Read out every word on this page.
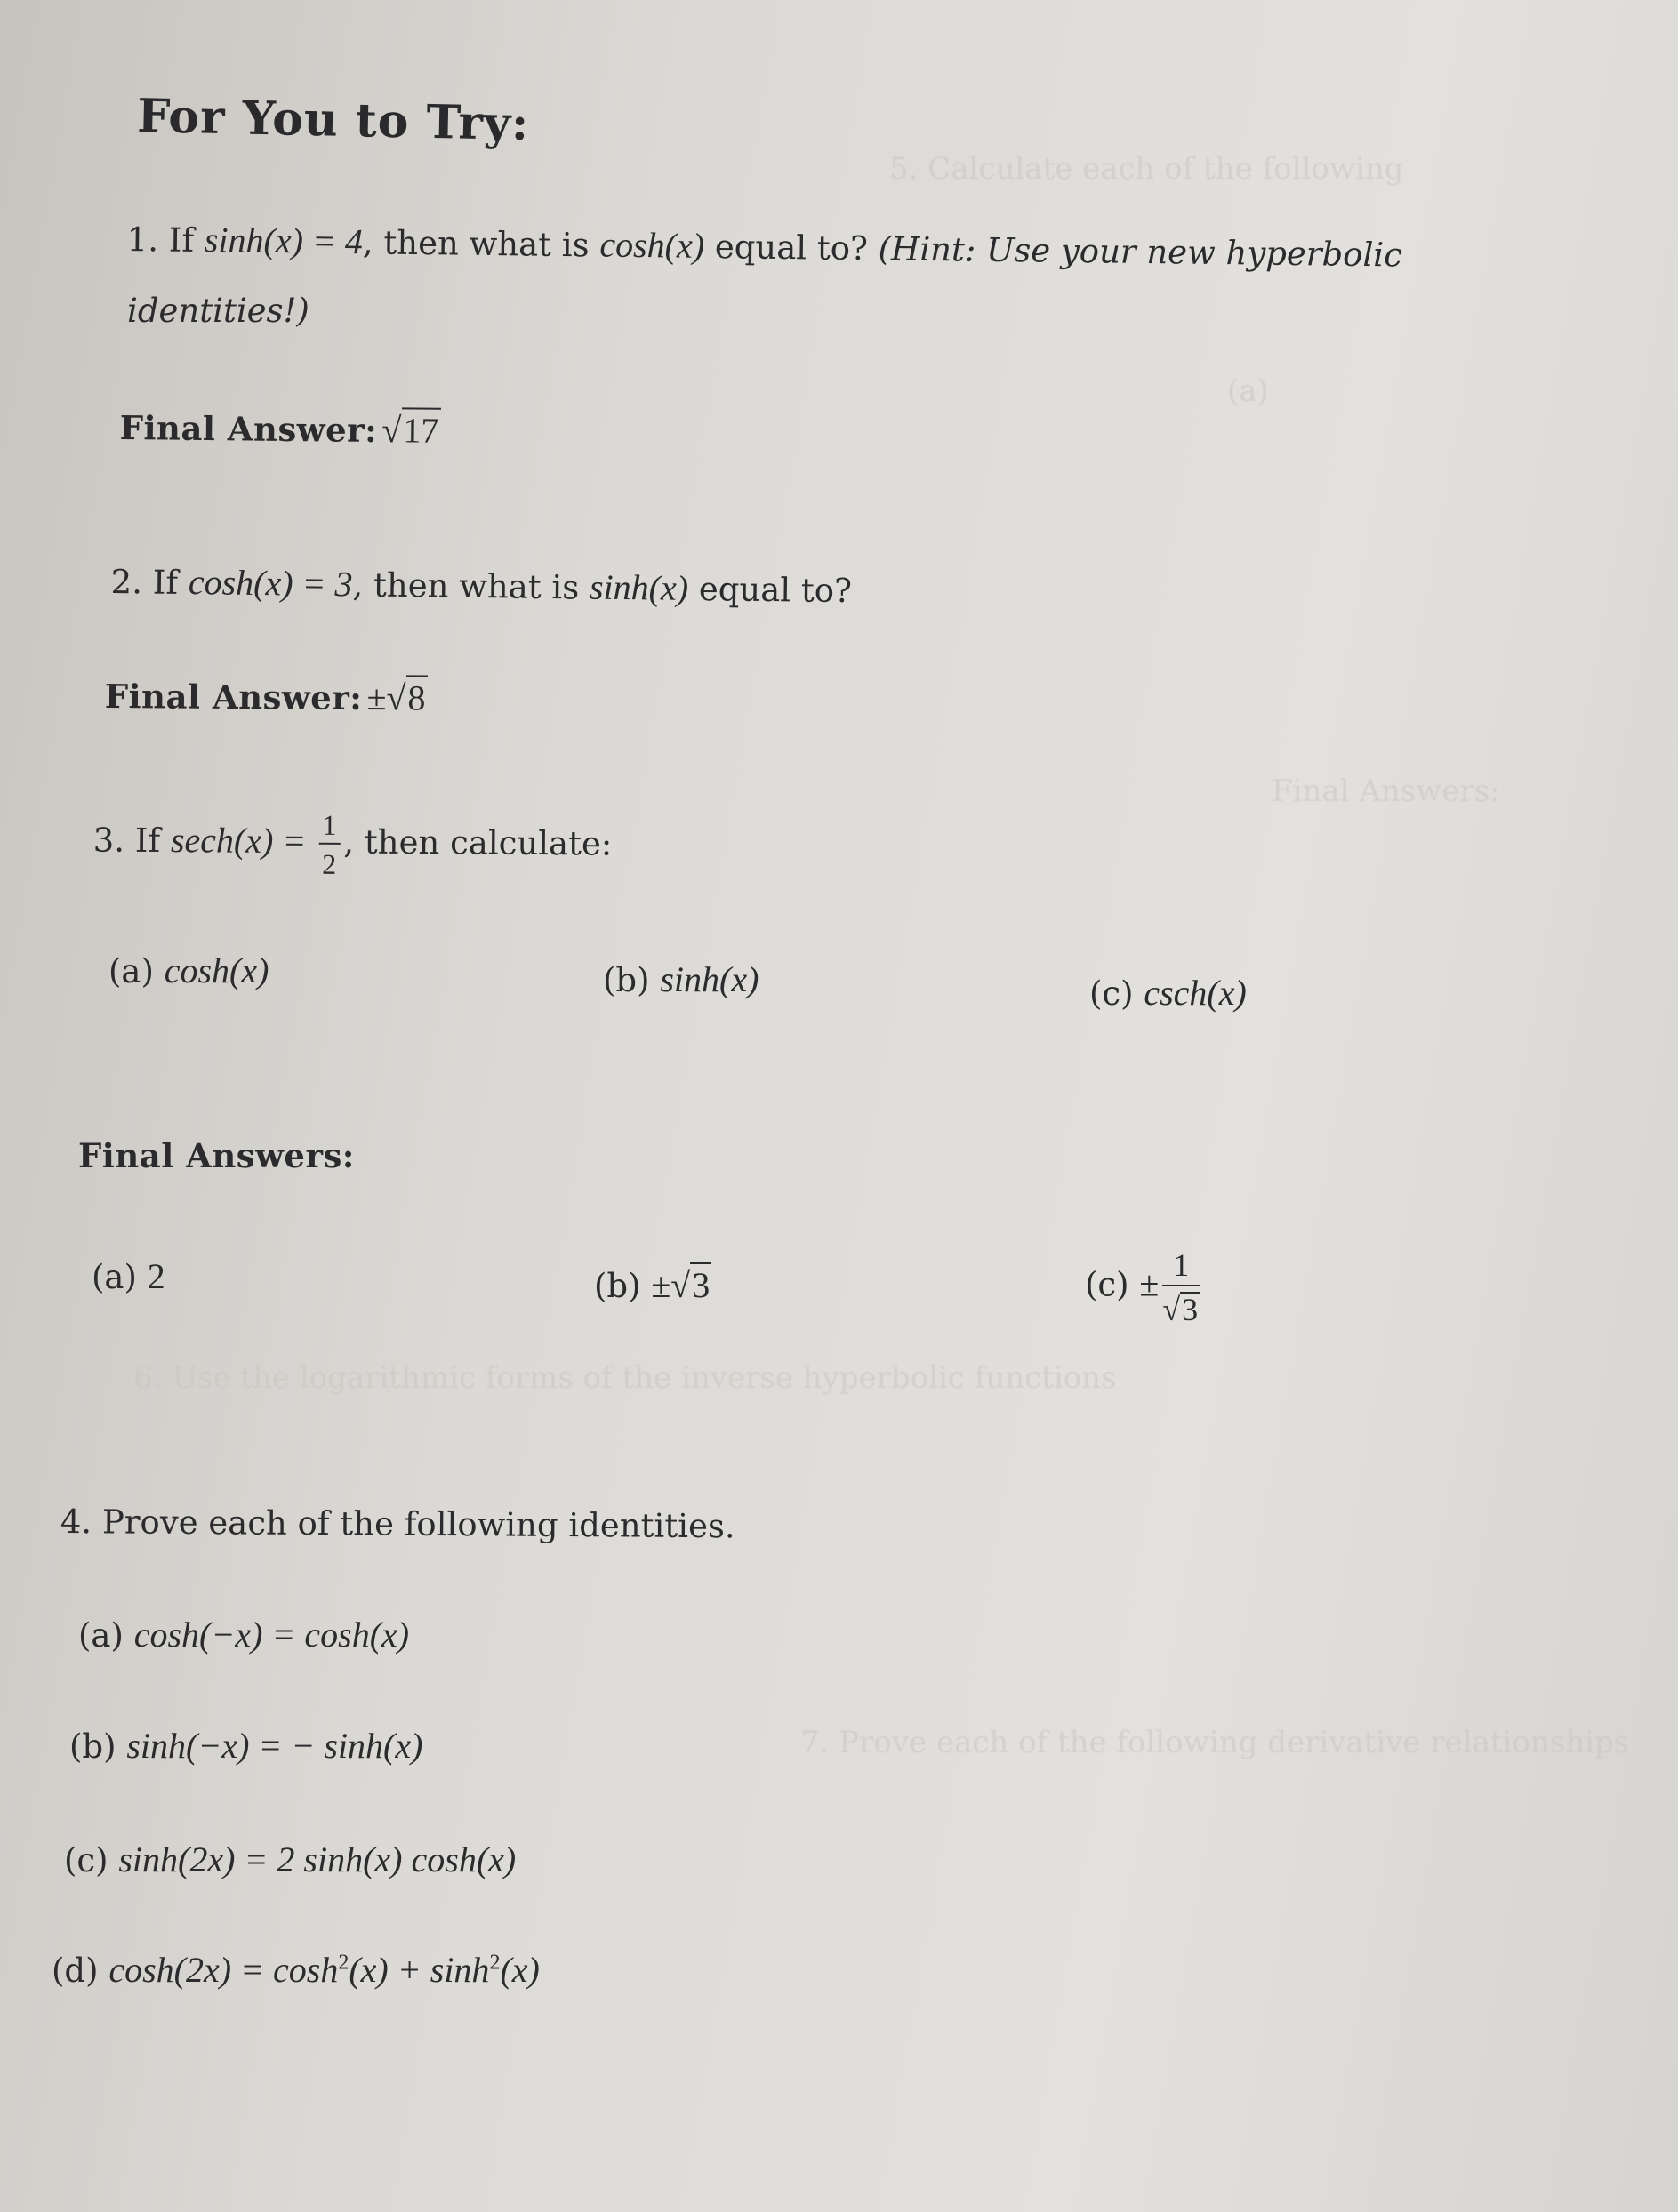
5. Calculate each of the following
(a)
Final Answers:
6. Use the logarithmic forms of the inverse hyperbolic functions
7. Prove each of the following derivative relationships
For You to Try:
1. If sinh(x) = 4, then what is cosh(x) equal to? (Hint: Use your new hyperbolic
identities!)
Final Answer: √17
2. If cosh(x) = 3, then what is sinh(x) equal to?
Final Answer: ±√8
3. If $\sec h(x) = \frac{1}{2}$ , then calculate:
(a) cosh(x)	(b) sinh(x)	(c) csch(x)
Final Answers:
(a) 2	(b) ±√3	$(c) \pm \frac{1}{√3}$
4. Prove each of the following identities.
(a) cosh(−x) = cosh(x)
(b) sinh(−x) = − sinh(x)
(c) sinh(2x) = 2 sinh(x) cosh(x)
(d) $\cosh(2x) = \cosh^2(x) + \sinh^2(x)$
